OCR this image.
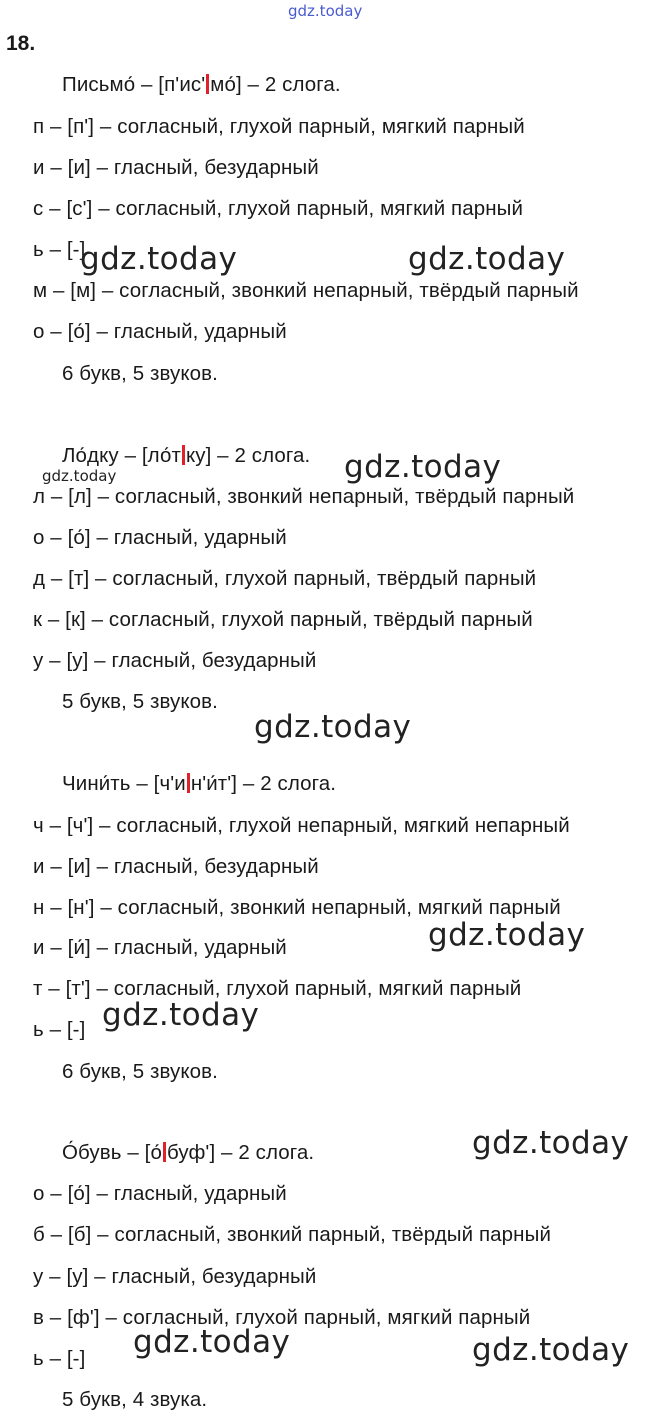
gdz.today
18.
Письмо́ – [п'ис' мо́] – 2 слога.
п – [п'] – согласный, глухой парный, мягкий парный
и – [и] – гласный, безударный
с – [с'] – согласный, глухой парный, мягкий парный
ь – [-]
м – [м] – согласный, звонкий непарный, твёрдый парный
о – [о́] – гласный, ударный
6 букв, 5 звуков.
Ло́дку – [ло́т ку] – 2 слога.
л – [л] – согласный, звонкий непарный, твёрдый парный
о – [о́] – гласный, ударный
д – [т] – согласный, глухой парный, твёрдый парный
к – [к] – согласный, глухой парный, твёрдый парный
у – [у] – гласный, безударный
5 букв, 5 звуков.
Чини́ть – [ч'и н'и́т'] – 2 слога.
ч – [ч'] – согласный, глухой непарный, мягкий непарный
и – [и] – гласный, безударный
н – [н'] – согласный, звонкий непарный, мягкий парный
и – [и́] – гласный, ударный
т – [т'] – согласный, глухой парный, мягкий парный
ь – [-]
6 букв, 5 звуков.
О́бувь – [о́ буф'] – 2 слога.
о – [о́] – гласный, ударный
б – [б] – согласный, звонкий парный, твёрдый парный
у – [у] – гласный, безударный
в – [ф'] – согласный, глухой парный, мягкий парный
ь – [-]
5 букв, 4 звука.
gdz.today	gdz.today
gdz.today	gdz.today
gdz.today
gdz.today
gdz.today
gdz.today
gdz.today	gdz.today
